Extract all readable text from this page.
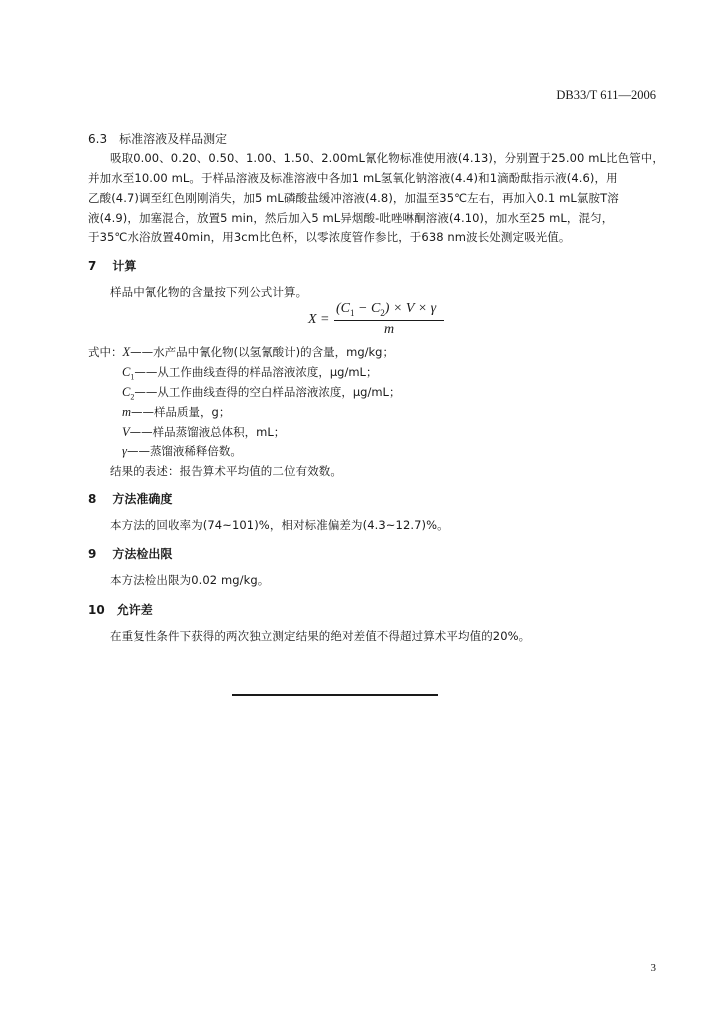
DB33/T 611—2006
6.3 标准溶液及样品测定
吸取0.00、0.20、0.50、1.00、1.50、2.00mL氰化物标准使用液(4.13)，分别置于25.00 mL比色管中，
并加水至10.00 mL。于样品溶液及标准溶液中各加1 mL氢氧化钠溶液(4.4)和1滴酚酞指示液(4.6)，用
乙酸(4.7)调至红色刚刚消失，加5 mL磷酸盐缓冲溶液(4.8)，加温至35℃左右，再加入0.1 mL氯胺T溶
液(4.9)，加塞混合，放置5 min，然后加入5 mL异烟酸-吡唑啉酮溶液(4.10)，加水至25 mL，混匀，
于35℃水浴放置40min，用3cm比色杯，以零浓度管作参比，于638 nm波长处测定吸光值。
7 计算
样品中氰化物的含量按下列公式计算。
X =
$(C_1 - C_2) \times V \times \gamma$
m
式中：X——水产品中氰化物(以氢氰酸计)的含量，mg/kg；
$C_1——$从工作曲线查得的样品溶液浓度，μg/mL；
$C_2——$从工作曲线查得的空白样品溶液浓度，μg/mL；
m——样品质量，g；
V——样品蒸馏液总体积，mL；
γ——蒸馏液稀释倍数。
结果的表述：报告算术平均值的二位有效数。
8 方法准确度
本方法的回收率为(74~101)%，相对标准偏差为(4.3~12.7)%。
9 方法检出限
本方法检出限为0.02 mg/kg。
10 允许差
在重复性条件下获得的两次独立测定结果的绝对差值不得超过算术平均值的20%。
3
